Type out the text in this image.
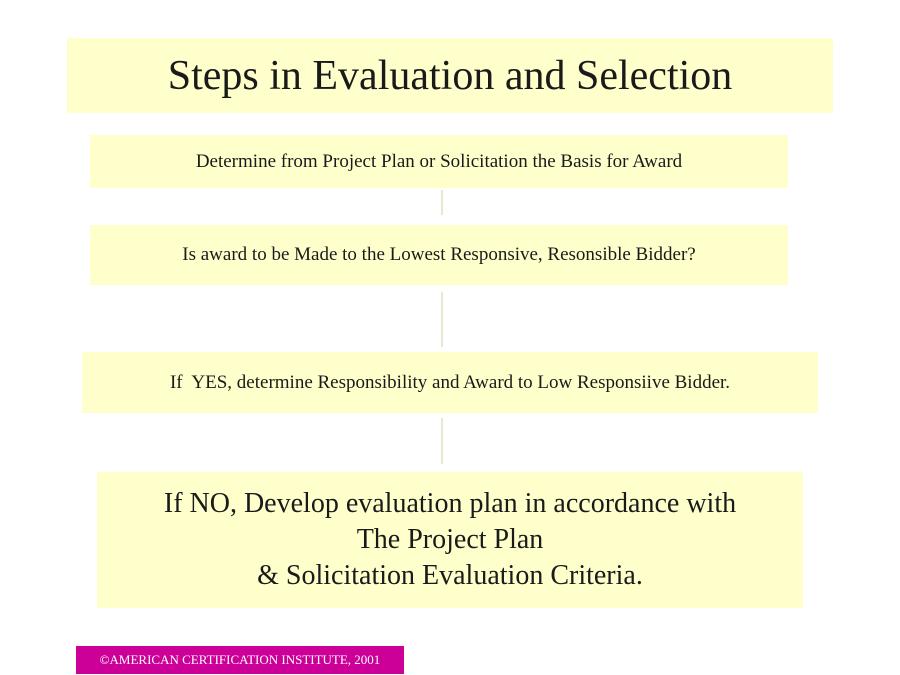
Steps in Evaluation and Selection
Determine from Project Plan or Solicitation the Basis for Award
Is award to be Made to the Lowest Responsive, Resonsible Bidder?
If  YES, determine Responsibility and Award to Low Responsiive Bidder.
If NO, Develop evaluation plan in accordance with
The Project Plan
& Solicitation Evaluation Criteria.
©AMERICAN CERTIFICATION INSTITUTE, 2001
